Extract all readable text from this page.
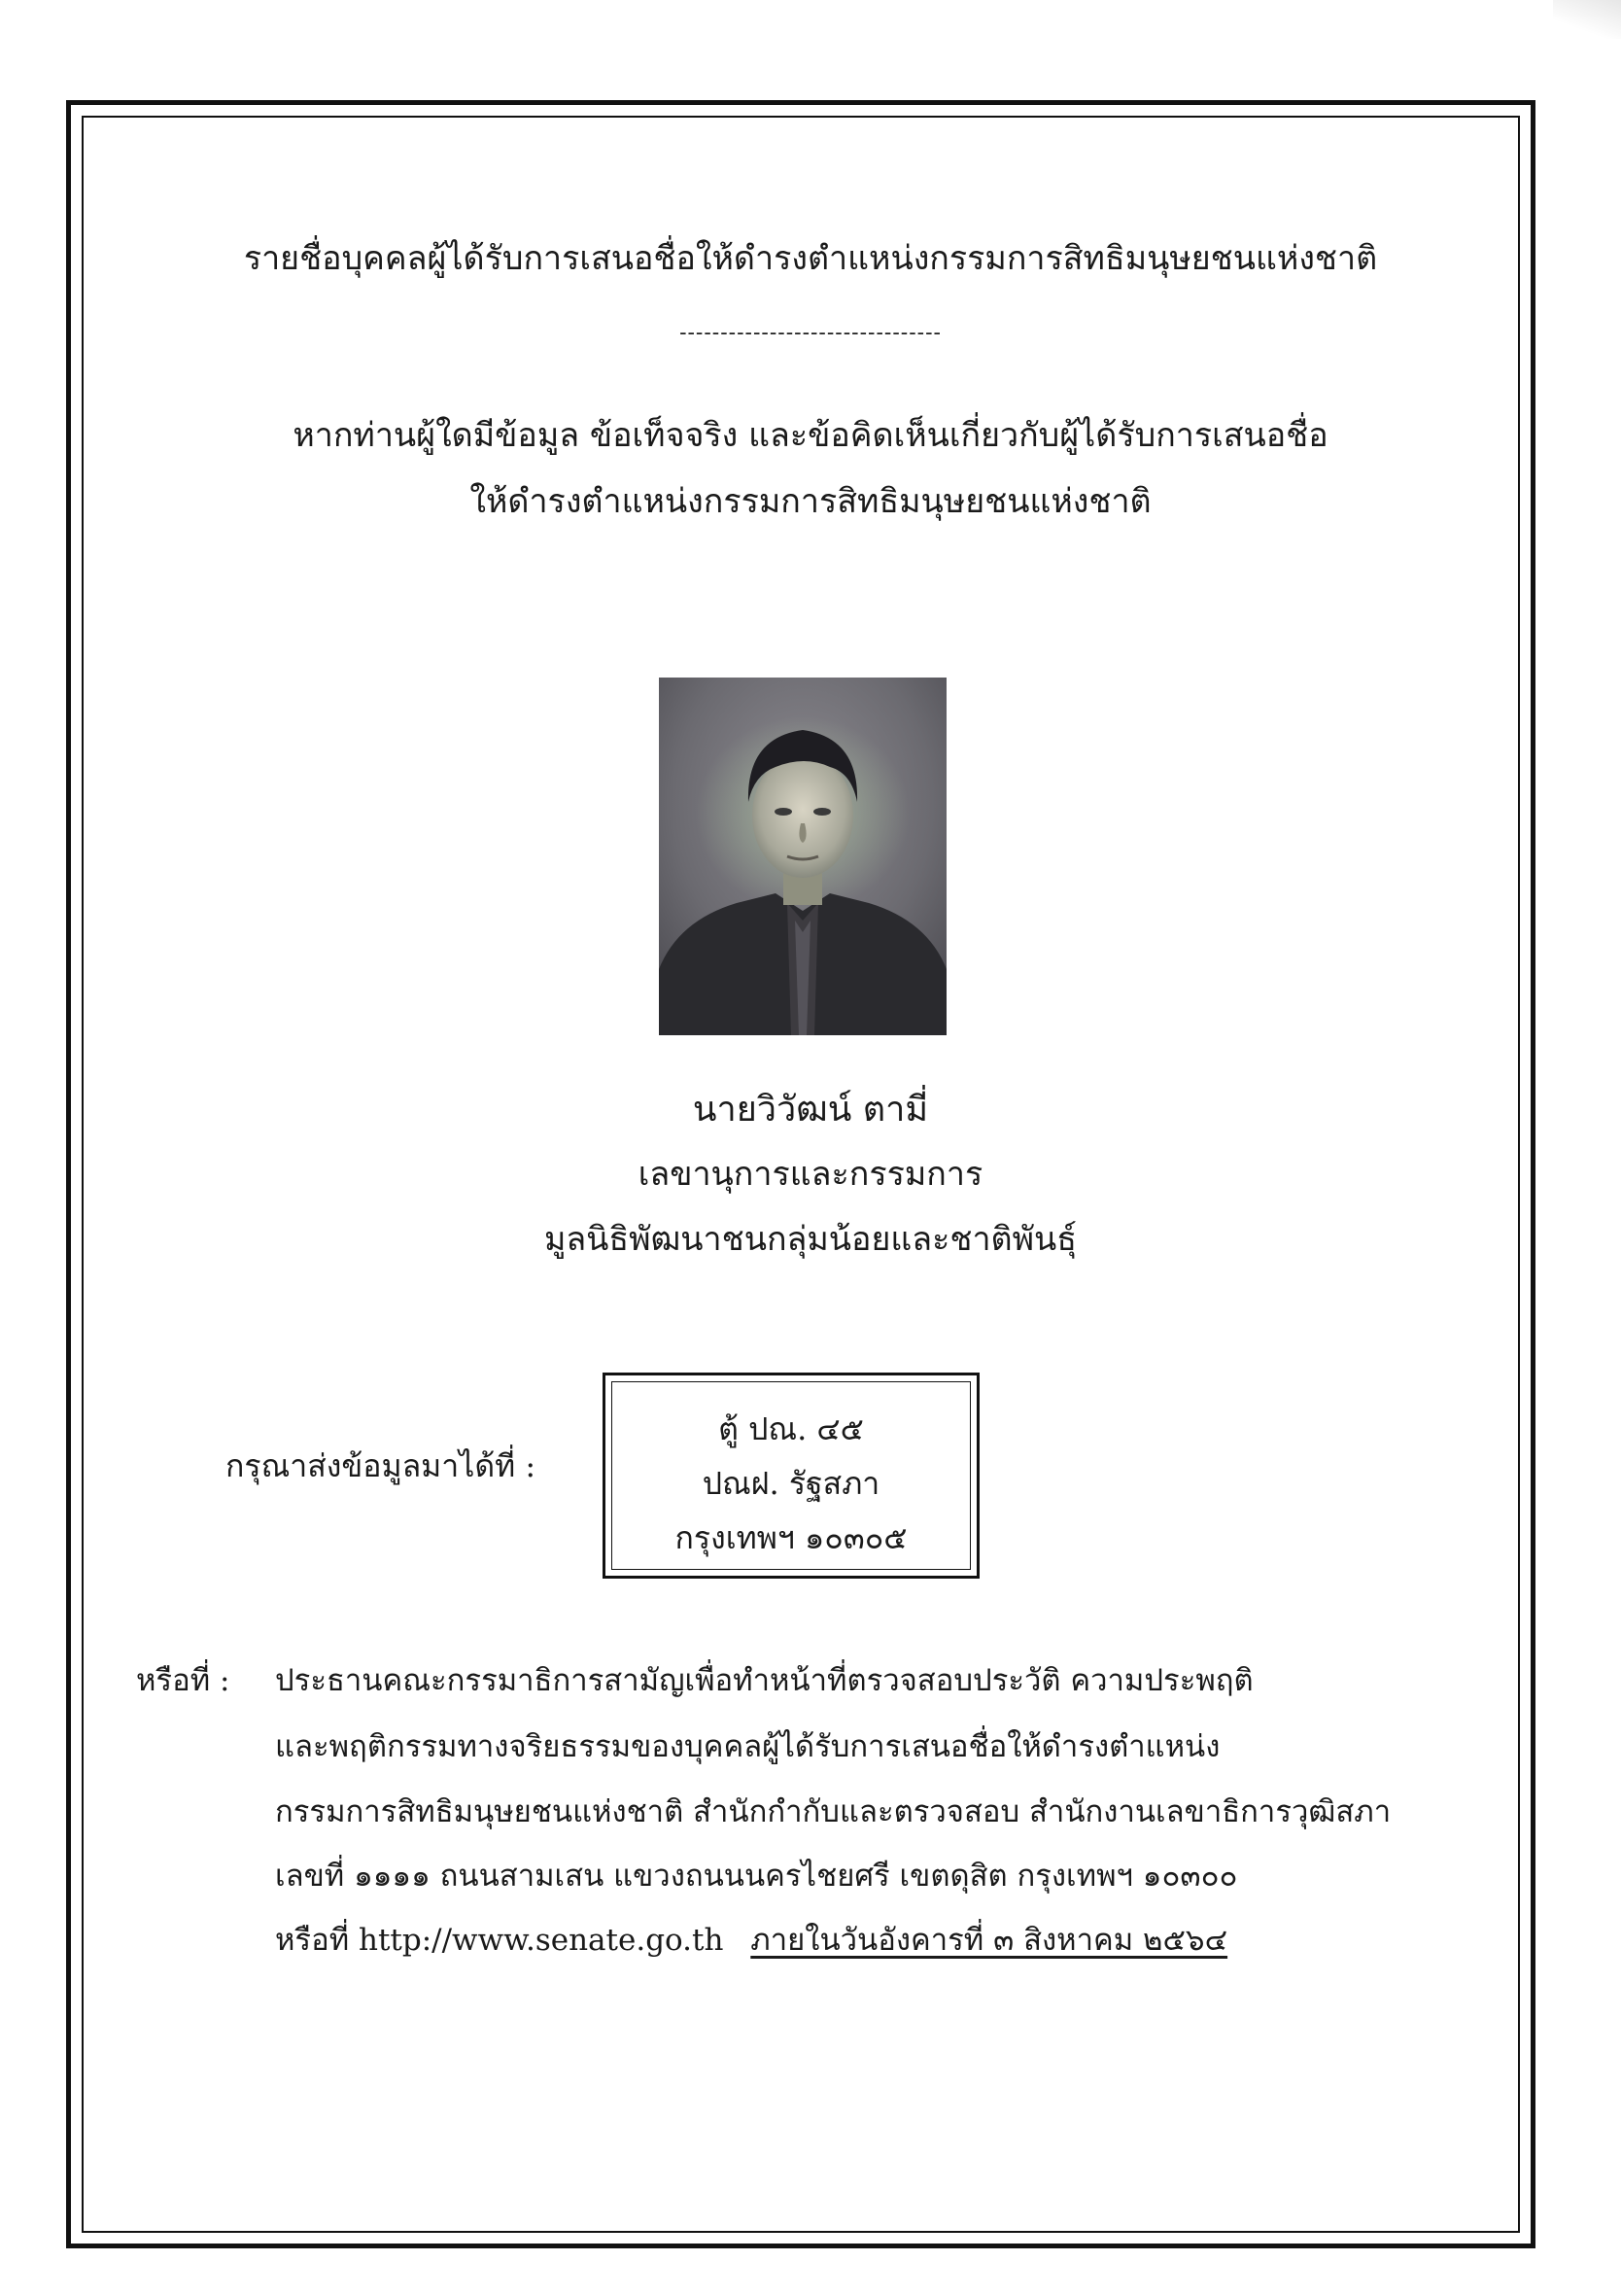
รายชื่อบุคคลผู้ได้รับการเสนอชื่อให้ดำรงตำแหน่งกรรมการสิทธิมนุษยชนแห่งชาติ
--------------------------------
หากท่านผู้ใดมีข้อมูล ข้อเท็จจริง และข้อคิดเห็นเกี่ยวกับผู้ได้รับการเสนอชื่อ
ให้ดำรงตำแหน่งกรรมการสิทธิมนุษยชนแห่งชาติ
นายวิวัฒน์ ตามี่
เลขานุการและกรรมการ
มูลนิธิพัฒนาชนกลุ่มน้อยและชาติพันธุ์
กรุณาส่งข้อมูลมาได้ที่ :
ตู้ ปณ. ๔๕
ปณฝ. รัฐสภา
กรุงเทพฯ ๑๐๓๐๕
หรือที่ : ประธานคณะกรรมาธิการสามัญเพื่อทำหน้าที่ตรวจสอบประวัติ ความประพฤติ
และพฤติกรรมทางจริยธรรมของบุคคลผู้ได้รับการเสนอชื่อให้ดำรงตำแหน่ง
กรรมการสิทธิมนุษยชนแห่งชาติ สำนักกำกับและตรวจสอบ สำนักงานเลขาธิการวุฒิสภา
เลขที่ ๑๑๑๑ ถนนสามเสน แขวงถนนนครไชยศรี เขตดุสิต กรุงเทพฯ ๑๐๓๐๐
หรือที่ http://www.senate.go.th ภายในวันอังคารที่ ๓ สิงหาคม ๒๕๖๔
